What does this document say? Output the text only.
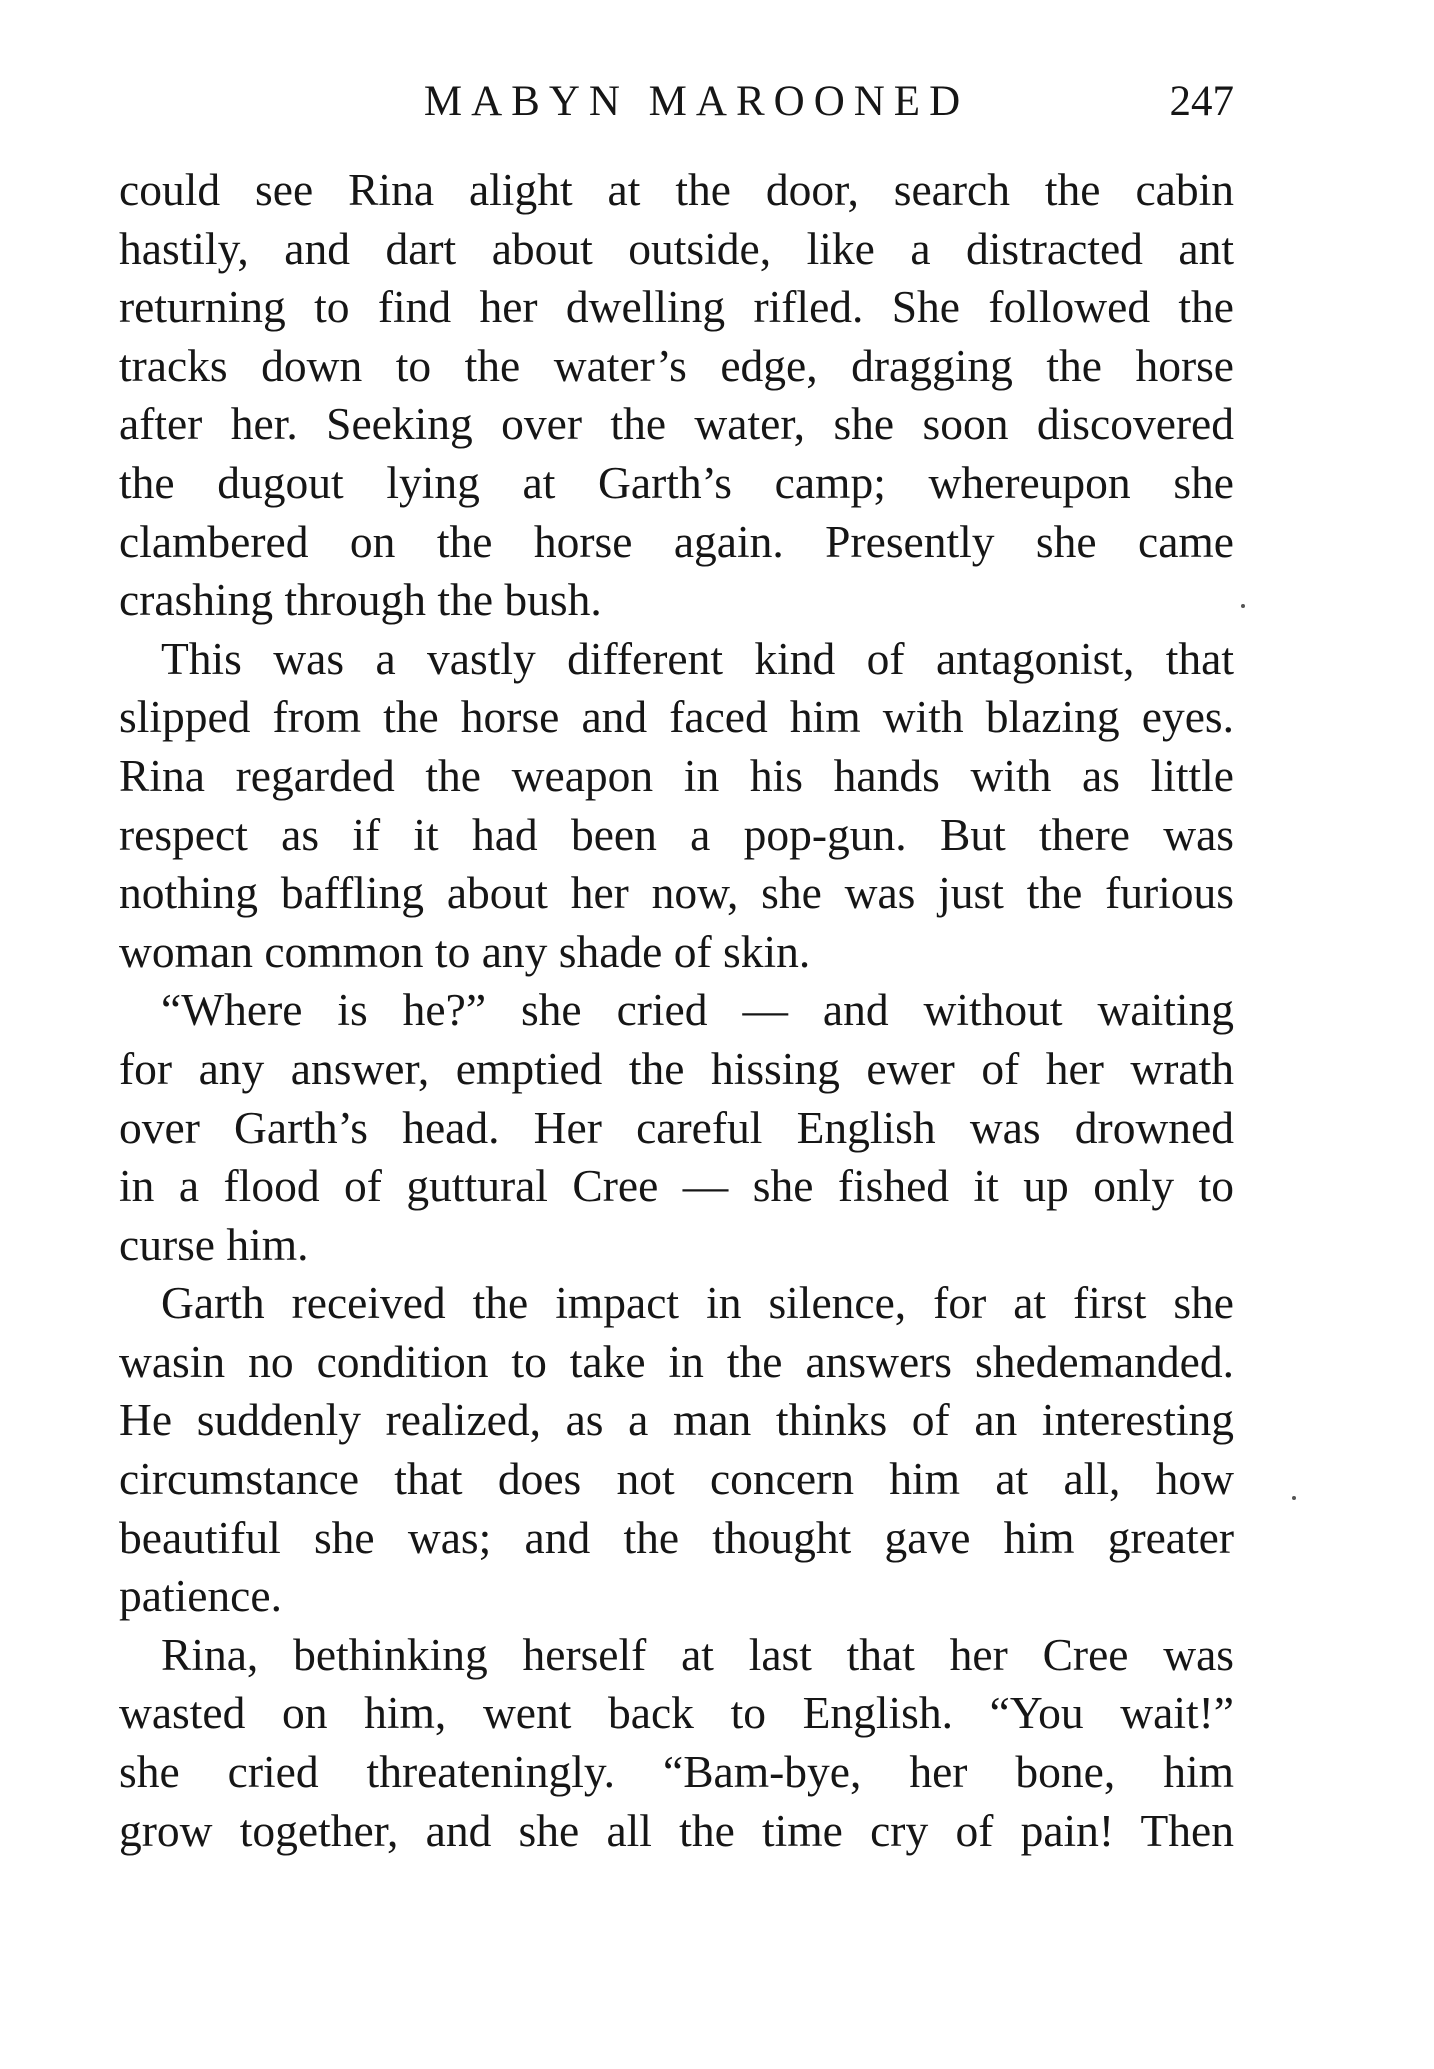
MABYN MAROONED	247
could see Rina alight at the door, search the cabin
hastily, and dart about outside, like a distracted ant
returning to find her dwelling rifled. She followed the
tracks down to the water’s edge, dragging the horse
after her. Seeking over the water, she soon discovered
the dugout lying at Garth’s camp; whereupon she
clambered on the horse again. Presently she came
crashing through the bush.
This was a vastly different kind of antagonist, that
slipped from the horse and faced him with blazing eyes.
Rina regarded the weapon in his hands with as little
respect as if it had been a pop-gun. But there was
nothing baffling about her now, she was just the furious
woman common to any shade of skin.
“Where is he?” she cried — and without waiting
for any answer, emptied the hissing ewer of her wrath
over Garth’s head. Her careful English was drowned
in a flood of guttural Cree — she fished it up only to
curse him.
Garth received the impact in silence, for at first she
wasin no condition to take in the answers shedemanded.
He suddenly realized, as a man thinks of an interesting
circumstance that does not concern him at all, how
beautiful she was; and the thought gave him greater
patience.
Rina, bethinking herself at last that her Cree was
wasted on him, went back to English. “You wait!”
she cried threateningly. “Bam-bye, her bone, him
grow together, and she all the time cry of pain! Then
